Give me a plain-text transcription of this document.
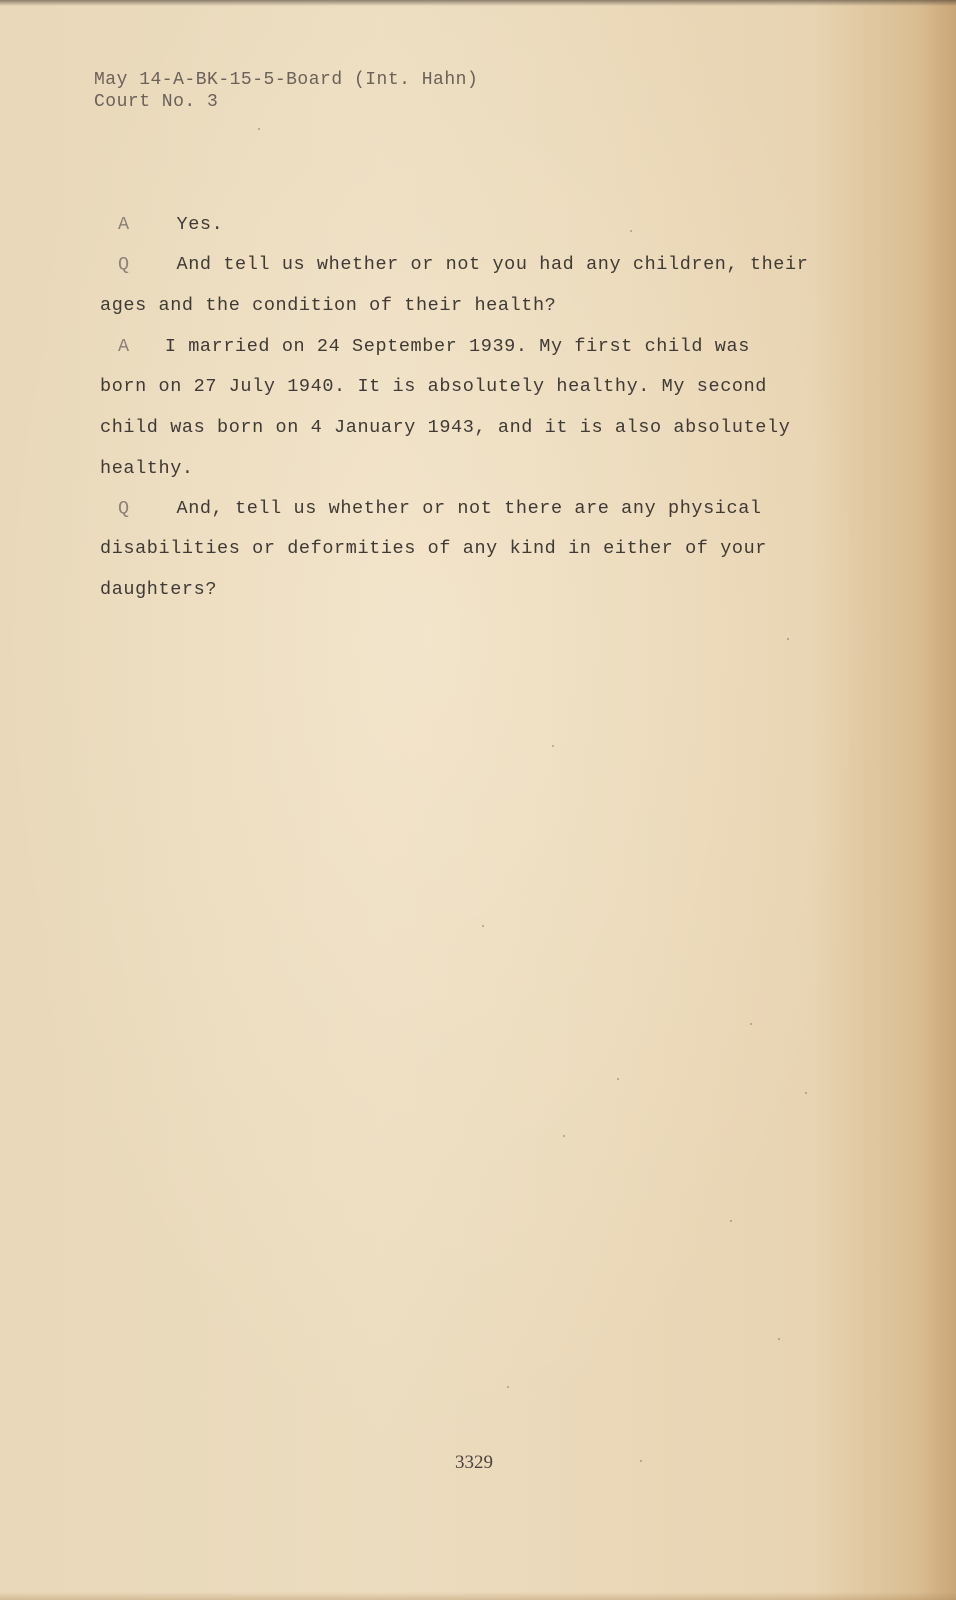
May 14-A-BK-15-5-Board (Int. Hahn)
Court No. 3
A	Yes.
Q	And tell us whether or not you had any children, their
ages and the condition of their health?
A I married on 24 September 1939. My first child was
born on 27 July 1940. It is absolutely healthy. My second
child was born on 4 January 1943, and it is also absolutely
healthy.
Q	And, tell us whether or not there are any physical
disabilities or deformities of any kind in either of your
daughters?
3329
